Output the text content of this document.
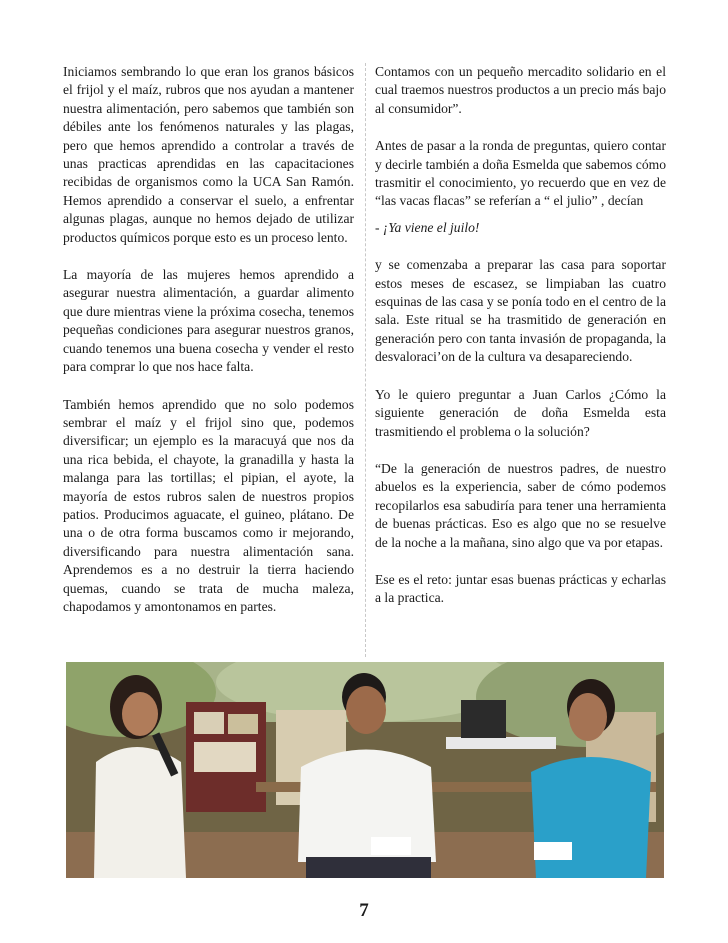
Iniciamos sembrando lo que eran los granos básicos el frijol y el maíz, rubros que nos ayudan a mantener nuestra alimentación, pero sabemos que también son débiles ante los fenómenos naturales y las plagas, pero que hemos aprendido a controlar a través de unas practicas aprendidas en las capacitaciones recibidas de organismos como la UCA San Ramón. Hemos aprendido a conservar el suelo, a enfrentar algunas plagas, aunque no hemos dejado de utilizar productos químicos porque esto es un proceso lento.

La mayoría de las mujeres hemos aprendido a asegurar nuestra alimentación, a guardar alimento que dure mientras viene la próxima cosecha, tenemos pequeñas condiciones para asegurar nuestros granos, cuando tenemos una buena cosecha y vender el resto para comprar lo que nos hace falta.

También hemos aprendido que no solo podemos sembrar el maíz y el frijol sino que, podemos diversificar; un ejemplo es la maracuyá que nos da una rica bebida, el chayote, la granadilla y hasta la malanga para las tortillas; el pipian, el ayote, la mayoría de estos rubros salen de nuestros propios patios. Producimos aguacate, el guineo, plátano. De una o de otra forma buscamos como ir mejorando, diversificando para nuestra alimentación sana. Aprendemos es a no destruir la tierra haciendo quemas, cuando se trata de mucha maleza, chapodamos y amontonamos en partes.

Contamos con un pequeño mercadito solidario en el cual traemos nuestros productos a un precio más bajo al consumidor”.

Antes de pasar a la ronda de preguntas, quiero contar y decirle también a doña Esmelda que sabemos cómo trasmitir el conocimiento, yo recuerdo que en vez de “las vacas flacas” se referían a “ el julio” , decían

- ¡Ya viene el juilo!

y se comenzaba a preparar las casa para soportar estos meses de escasez, se limpiaban las cuatro esquinas de las casa y se ponía todo en el centro de la sala. Este ritual se ha trasmitido de generación en generación pero con tanta invasión de propaganda, la desvaloraci’on de la cultura va desapareciendo.

Yo le quiero preguntar a Juan Carlos ¿Cómo la siguiente generación de doña Esmelda esta trasmitiendo el problema o la solución?

“De la generación de nuestros padres, de nuestro abuelos es la experiencia, saber de cómo podemos recopilarlos esa sabudiría para tener una herramienta de buenas prácticas. Eso es algo que no se resuelve de la noche a la mañana, sino algo que va por etapas.

Ese es el reto: juntar esas buenas prácticas y echarlas a la practica.

7
